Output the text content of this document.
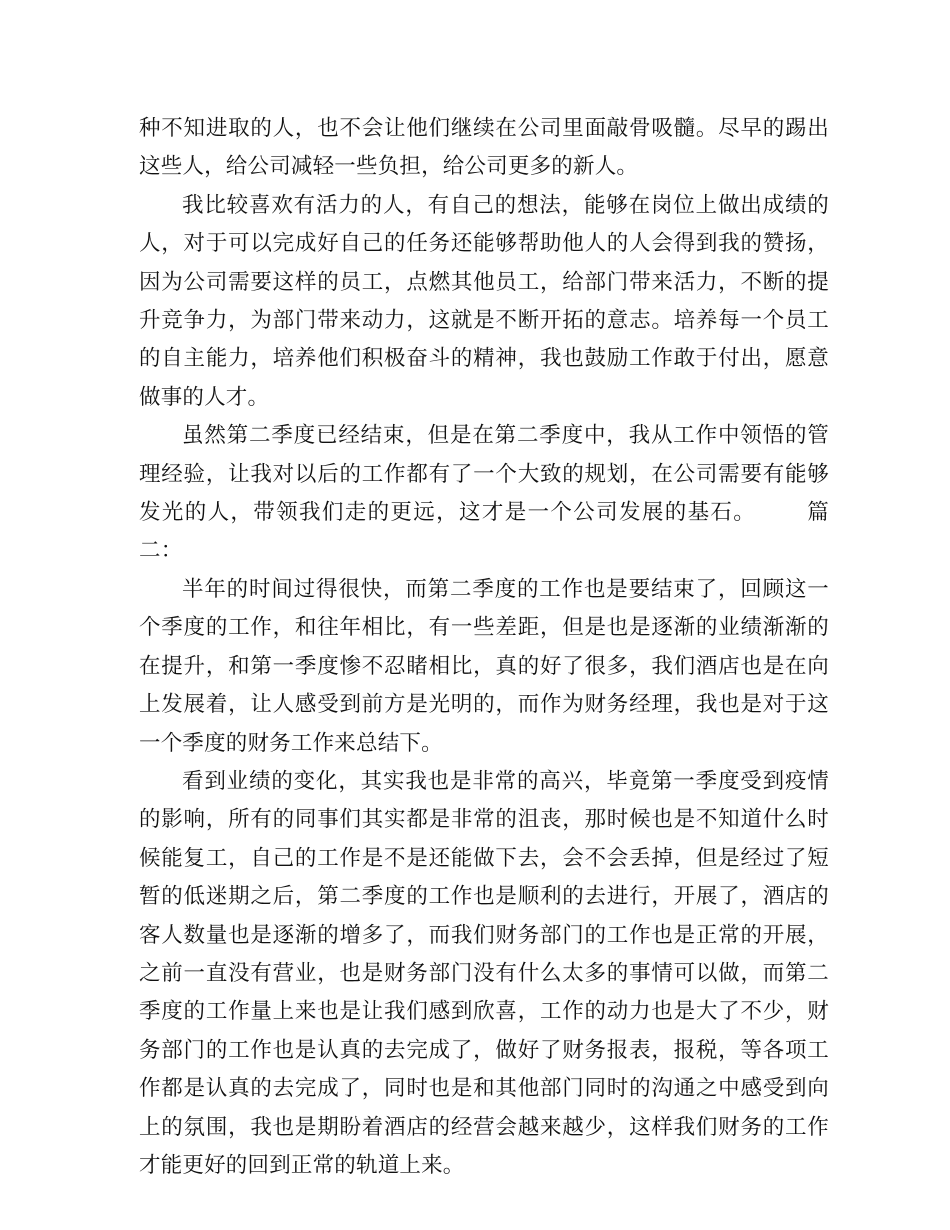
种不知进取的人，也不会让他们继续在公司里面敲骨吸髓。尽早的踢出这些人，给公司减轻一些负担，给公司更多的新人。

我比较喜欢有活力的人，有自己的想法，能够在岗位上做出成绩的人，对于可以完成好自己的任务还能够帮助他人的人会得到我的赞扬，因为公司需要这样的员工，点燃其他员工，给部门带来活力，不断的提升竞争力，为部门带来动力，这就是不断开拓的意志。培养每一个员工的自主能力，培养他们积极奋斗的精神，我也鼓励工作敢于付出，愿意做事的人才。

虽然第二季度已经结束，但是在第二季度中，我从工作中领悟的管理经验，让我对以后的工作都有了一个大致的规划，在公司需要有能够发光的人，带领我们走的更远，这才是一个公司发展的基石。 篇二：

半年的时间过得很快，而第二季度的工作也是要结束了，回顾这一个季度的工作，和往年相比，有一些差距，但是也是逐渐的业绩渐渐的在提升，和第一季度惨不忍睹相比，真的好了很多，我们酒店也是在向上发展着，让人感受到前方是光明的，而作为财务经理，我也是对于这一个季度的财务工作来总结下。

看到业绩的变化，其实我也是非常的高兴，毕竟第一季度受到疫情的影响，所有的同事们其实都是非常的沮丧，那时候也是不知道什么时候能复工，自己的工作是不是还能做下去，会不会丢掉，但是经过了短暂的低迷期之后，第二季度的工作也是顺利的去进行，开展了，酒店的客人数量也是逐渐的增多了，而我们财务部门的工作也是正常的开展，之前一直没有营业，也是财务部门没有什么太多的事情可以做，而第二季度的工作量上来也是让我们感到欣喜，工作的动力也是大了不少，财务部门的工作也是认真的去完成了，做好了财务报表，报税，等各项工作都是认真的去完成了，同时也是和其他部门同时的沟通之中感受到向上的氛围，我也是期盼着酒店的经营会越来越少，这样我们财务的工作才能更好的回到正常的轨道上来。
